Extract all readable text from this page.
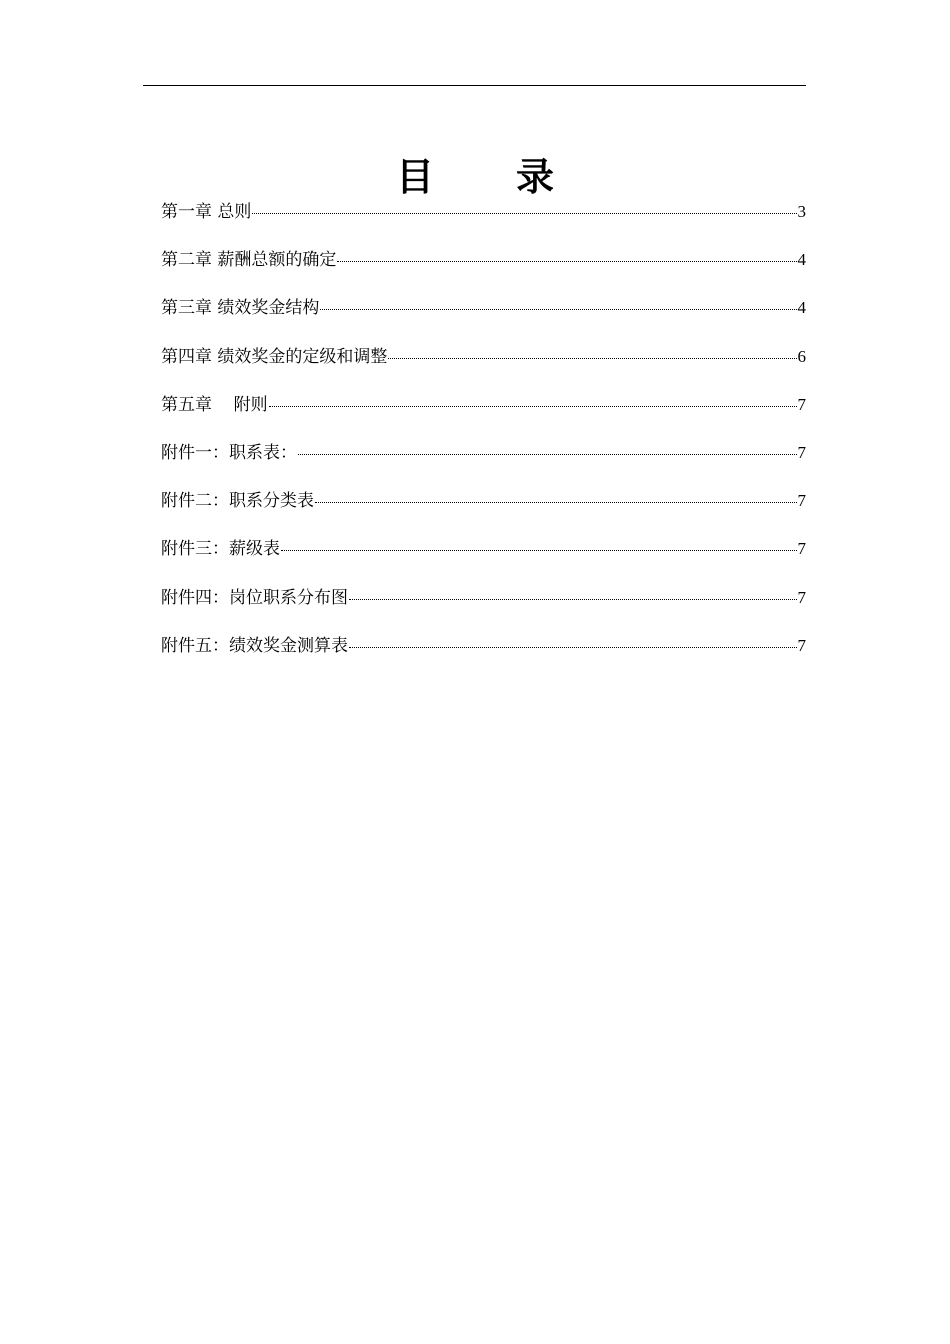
目 录
第一章 总则	3
第二章 薪酬总额的确定	4
第三章 绩效奖金结构	4
第四章 绩效奖金的定级和调整	6
第五章    附则	7
附件一：职系表：	7
附件二：职系分类表	7
附件三：薪级表	7
附件四：岗位职系分布图	7
附件五：绩效奖金测算表	7
